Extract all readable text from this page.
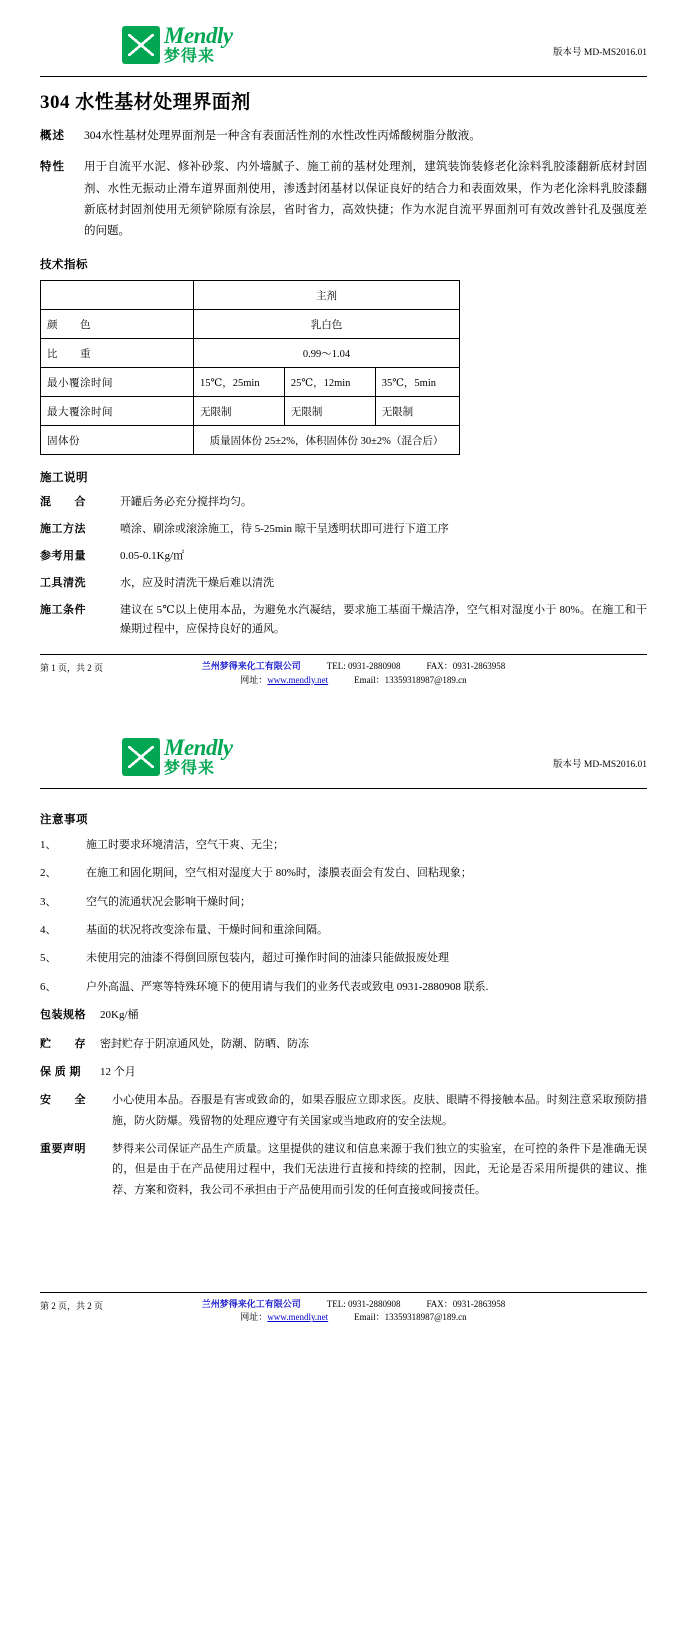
Mendly
梦得来	版本号 MD-MS2016.01
304 水性基材处理界面剂
概述	304水性基材处理界面剂是一种含有表面活性剂的水性改性丙烯酸树脂分散液。
特性	用于自流平水泥、修补砂浆、内外墙腻子、施工前的基材处理剂，建筑装饰装修老化涂料乳胶漆翻新底材封固剂、水性无振动止滑车道界面剂使用，渗透封闭基材以保证良好的结合力和表面效果，作为老化涂料乳胶漆翻新底材封固剂使用无须铲除原有涂层，省时省力，高效快捷；作为水泥自流平界面剂可有效改善针孔及强度差的问题。
技术指标
	主剂		
颜　　色	乳白色		
比　　重	0.99～1.04		
最小覆涂时间	15℃，25min	25℃，12min	35℃，5min
最大覆涂时间	无限制	无限制	无限制
固体份	质量固体份 25±2%，体积固体份 30±2%（混合后）		
施工说明
混　　合	开罐后务必充分搅拌均匀。
施工方法	喷涂、刷涂或滚涂施工，待 5-25min 晾干呈透明状即可进行下道工序
参考用量	0.05-0.1Kg/㎡
工具清洗	水，应及时清洗干燥后难以清洗
施工条件	建议在 5℃以上使用本品，为避免水汽凝结，要求施工基面干燥洁净，空气相对湿度小于 80%。在施工和干燥期过程中，应保持良好的通风。
第 1 页，共 2 页	兰州梦得来化工有限公司	TEL: 0931-2880908	FAX：0931-2863958
网址：www.mendly.net	Email：13359318987@189.cn
Mendly
梦得来	版本号 MD-MS2016.01
注意事项
1、	施工时要求环境清洁，空气干爽、无尘；
2、	在施工和固化期间，空气相对湿度大于 80%时，漆膜表面会有发白、回粘现象；
3、	空气的流通状况会影响干燥时间；
4、	基面的状况将改变涂布量、干燥时间和重涂间隔。
5、	未使用完的油漆不得倒回原包装内，超过可操作时间的油漆只能做报废处理
6、	户外高温、严寒等特殊环境下的使用请与我们的业务代表或致电 0931-2880908 联系.
包装规格	20Kg/桶
贮　　存	密封贮存于阴凉通风处，防潮、防晒、防冻
保 质 期	12 个月
安　　全	小心使用本品。吞服是有害或致命的，如果吞服应立即求医。皮肤、眼睛不得接触本品。时刻注意采取预防措施，防火防爆。残留物的处理应遵守有关国家或当地政府的安全法规。
重要声明	梦得来公司保证产品生产质量。这里提供的建议和信息来源于我们独立的实验室，在可控的条件下是准确无误的，但是由于在产品使用过程中，我们无法进行直接和持续的控制，因此，无论是否采用所提供的建议、推荐、方案和资料，我公司不承担由于产品使用而引发的任何直接或间接责任。
第 2 页，共 2 页	兰州梦得来化工有限公司	TEL: 0931-2880908	FAX：0931-2863958
网址：www.mendly.net	Email：13359318987@189.cn
